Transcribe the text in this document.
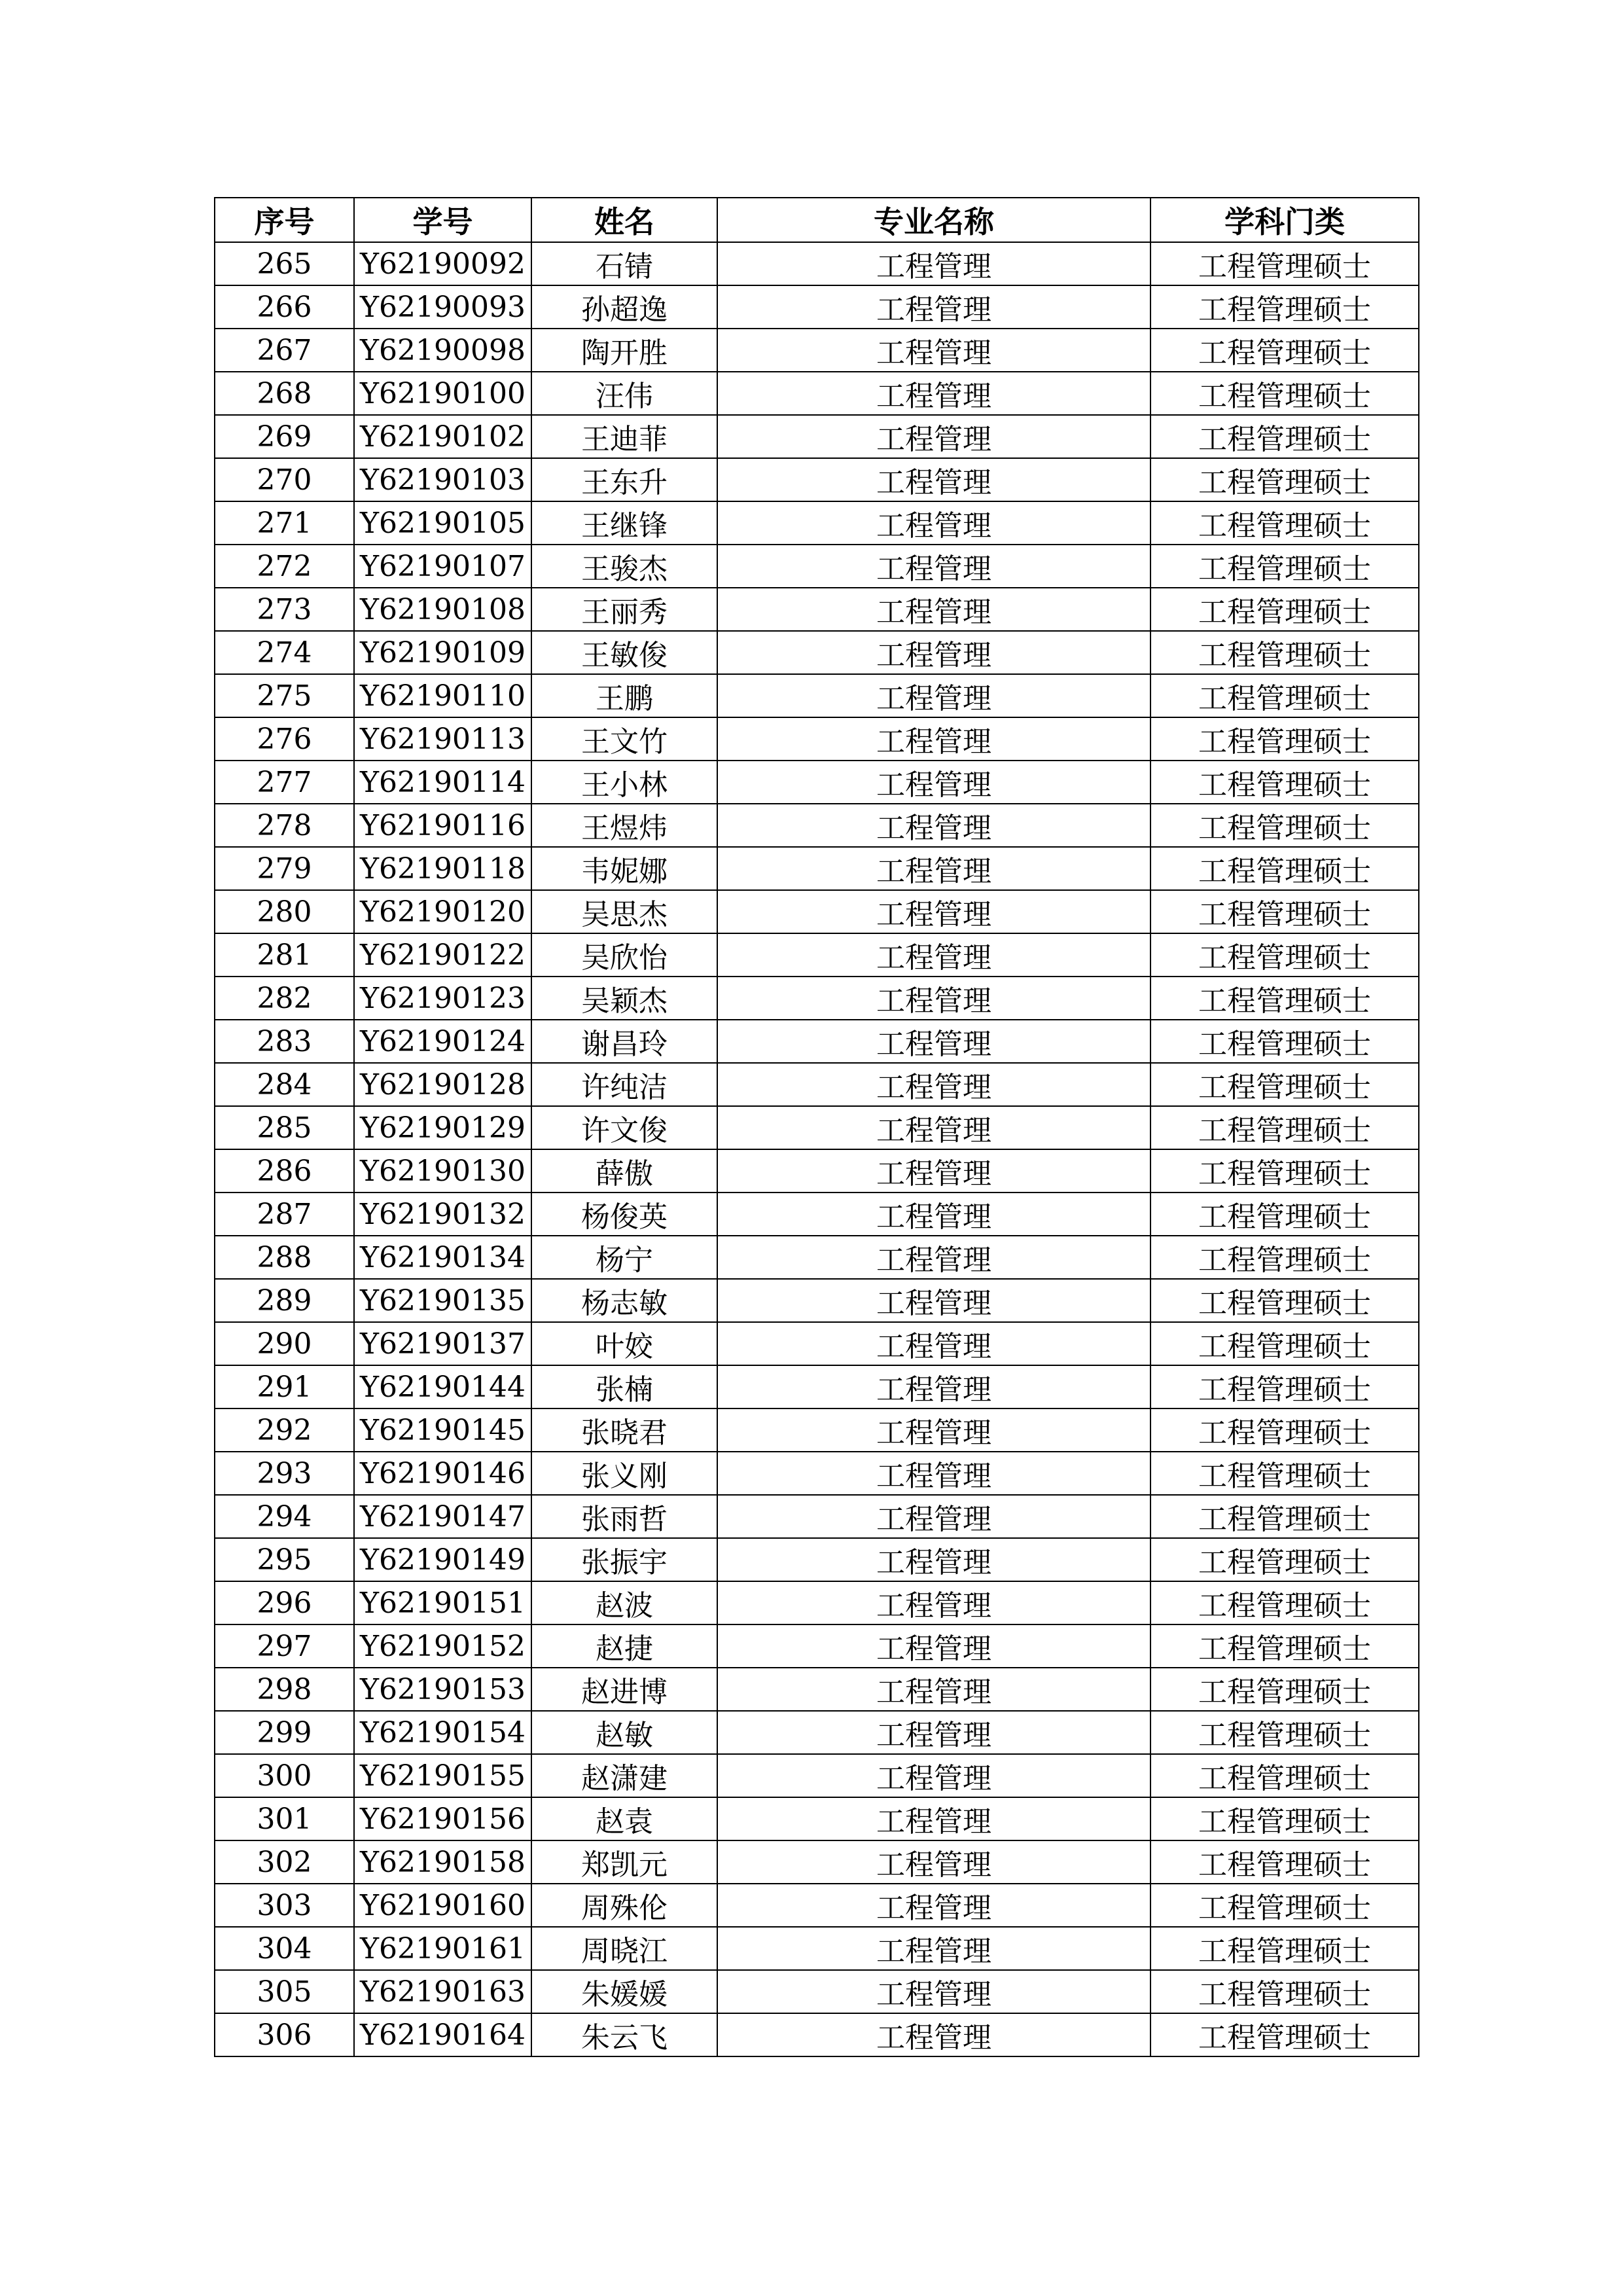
序号	学号	姓名	专业名称	学科门类
265	Y62190092	石锖	工程管理	工程管理硕士
266	Y62190093	孙超逸	工程管理	工程管理硕士
267	Y62190098	陶开胜	工程管理	工程管理硕士
268	Y62190100	汪伟	工程管理	工程管理硕士
269	Y62190102	王迪菲	工程管理	工程管理硕士
270	Y62190103	王东升	工程管理	工程管理硕士
271	Y62190105	王继锋	工程管理	工程管理硕士
272	Y62190107	王骏杰	工程管理	工程管理硕士
273	Y62190108	王丽秀	工程管理	工程管理硕士
274	Y62190109	王敏俊	工程管理	工程管理硕士
275	Y62190110	王鹏	工程管理	工程管理硕士
276	Y62190113	王文竹	工程管理	工程管理硕士
277	Y62190114	王小林	工程管理	工程管理硕士
278	Y62190116	王煜炜	工程管理	工程管理硕士
279	Y62190118	韦妮娜	工程管理	工程管理硕士
280	Y62190120	吴思杰	工程管理	工程管理硕士
281	Y62190122	吴欣怡	工程管理	工程管理硕士
282	Y62190123	吴颖杰	工程管理	工程管理硕士
283	Y62190124	谢昌玲	工程管理	工程管理硕士
284	Y62190128	许纯洁	工程管理	工程管理硕士
285	Y62190129	许文俊	工程管理	工程管理硕士
286	Y62190130	薛傲	工程管理	工程管理硕士
287	Y62190132	杨俊英	工程管理	工程管理硕士
288	Y62190134	杨宁	工程管理	工程管理硕士
289	Y62190135	杨志敏	工程管理	工程管理硕士
290	Y62190137	叶姣	工程管理	工程管理硕士
291	Y62190144	张楠	工程管理	工程管理硕士
292	Y62190145	张晓君	工程管理	工程管理硕士
293	Y62190146	张义刚	工程管理	工程管理硕士
294	Y62190147	张雨哲	工程管理	工程管理硕士
295	Y62190149	张振宇	工程管理	工程管理硕士
296	Y62190151	赵波	工程管理	工程管理硕士
297	Y62190152	赵捷	工程管理	工程管理硕士
298	Y62190153	赵进博	工程管理	工程管理硕士
299	Y62190154	赵敏	工程管理	工程管理硕士
300	Y62190155	赵潇建	工程管理	工程管理硕士
301	Y62190156	赵袁	工程管理	工程管理硕士
302	Y62190158	郑凯元	工程管理	工程管理硕士
303	Y62190160	周殊伦	工程管理	工程管理硕士
304	Y62190161	周晓江	工程管理	工程管理硕士
305	Y62190163	朱媛媛	工程管理	工程管理硕士
306	Y62190164	朱云飞	工程管理	工程管理硕士
